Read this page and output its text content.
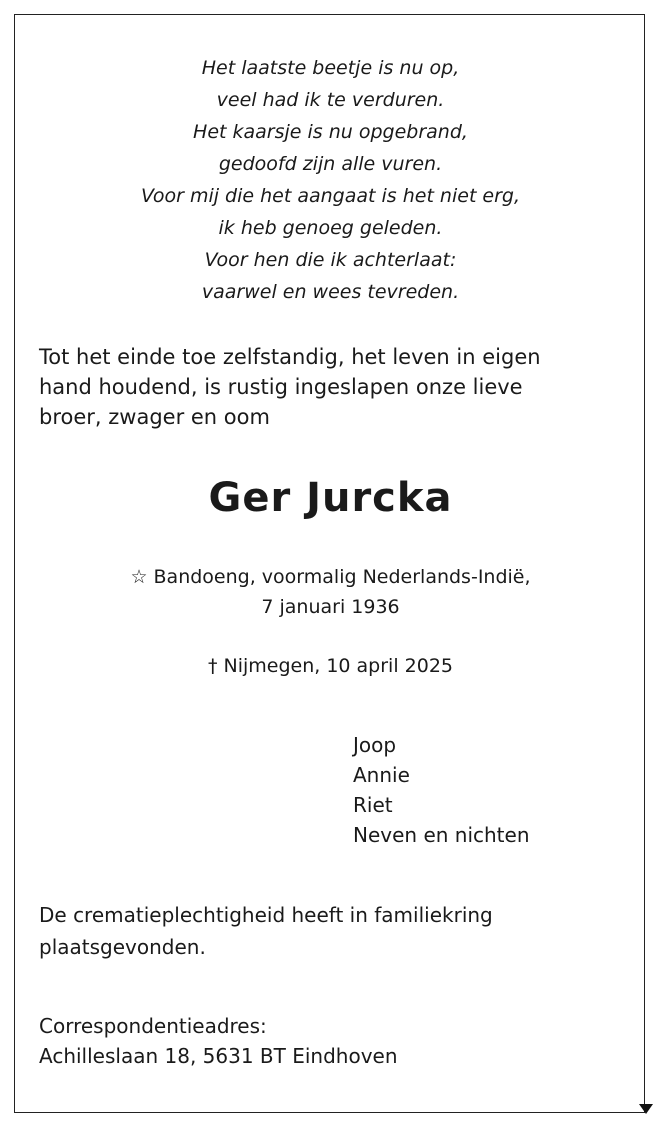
Het laatste beetje is nu op,
veel had ik te verduren.
Het kaarsje is nu opgebrand,
gedoofd zijn alle vuren.
Voor mij die het aangaat is het niet erg,
ik heb genoeg geleden.
Voor hen die ik achterlaat:
vaarwel en wees tevreden.
Tot het einde toe zelfstandig, het leven in eigen
hand houdend, is rustig ingeslapen onze lieve
broer, zwager en oom
Ger Jurcka
☆ Bandoeng, voormalig Nederlands-Indië,
7 januari 1936
† Nijmegen, 10 april 2025
Joop
Annie
Riet
Neven en nichten
De crematieplechtigheid heeft in familiekring
plaatsgevonden.
Correspondentieadres:
Achilleslaan 18, 5631 BT Eindhoven
